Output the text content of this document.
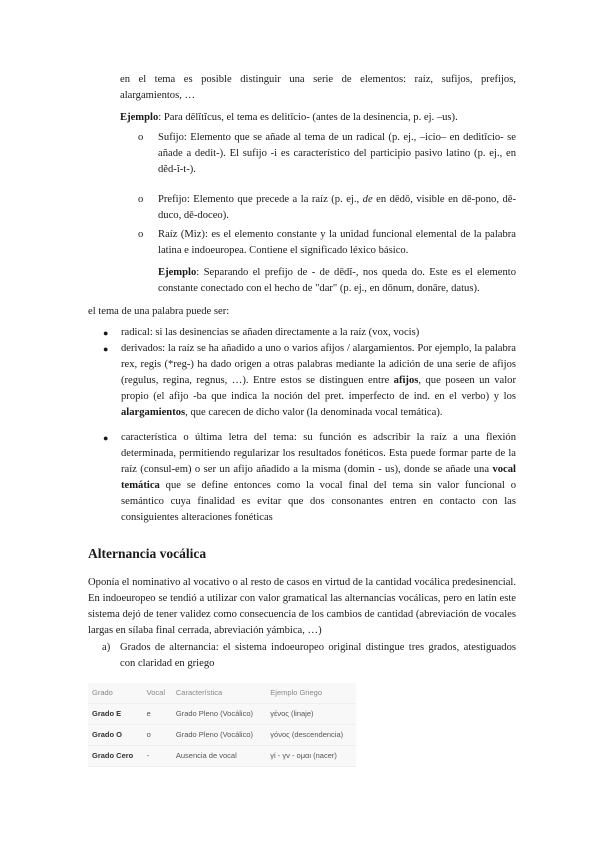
en el tema es posible distinguir una serie de elementos: raíz, sufijos, prefijos,

alargamientos, …

Ejemplo: Para dēlĭtĭcus, el tema es delitīcio- (antes de la desinencia, p. ej. –us).
o	Sufijo: Elemento que se añade al tema de un radical (p. ej., –icio– en deditīcio- se añade a dedit-). El sufijo -i es característico del participio pasivo latino (p. ej., en dĕd-ĭ-t-).

o	Prefijo: Elemento que precede a la raíz (p. ej., de en dēdō, visible en dē-pono, dē-duco, dē-doceo).

o	Raíz (Miz): es el elemento constante y la unidad funcional elemental de la palabra latina e indoeuropea. Contiene el significado léxico básico.

Ejemplo: Separando el prefijo de - de dēdĭ-, nos queda do. Este es el elemento constante conectado con el hecho de "dar" (p. ej., en dōnum, donāre, datus).

el tema de una palabra puede ser:

● radical: si las desinencias se añaden directamente a la raíz (vox, vocis)

● derivados: la raíz se ha añadido a uno o varios afijos / alargamientos. Por ejemplo, la palabra rex, regis (*reg-) ha dado origen a otras palabras mediante la adición de una serie de afijos (regulus, regina, regnus, …). Entre estos se distinguen entre afijos, que poseen un valor propio (el afijo -ba que indica la noción del pret. imperfecto de ind. en el verbo) y los alargamientos, que carecen de dicho valor (la denominada vocal temática).

● característica o última letra del tema: su función es adscribir la raíz a una flexión determinada, permitiendo regularizar los resultados fonéticos. Esta puede formar parte de la raíz (consul-em) o ser un afijo añadido a la misma (domin - us), donde se añade una vocal temática que se define entonces como la vocal final del tema sin valor funcional o semántico cuya finalidad es evitar que dos consonantes entren en contacto con las consiguientes alteraciones fonéticas

Alternancia vocálica

Oponía el nominativo al vocativo o al resto de casos en virtud de la cantidad vocálica predesinencial. En indoeuropeo se tendió a utilizar con valor gramatical las alternancias vocálicas, pero en latín este sistema dejó de tener validez como consecuencia de los cambios de cantidad (abreviación de vocales largas en sílaba final cerrada, abreviación yámbica, …)

a) Grados de alternancia: el sistema indoeuropeo original distingue tres grados, atestiguados con claridad en griego

Grado	Vocal	Característica	Ejemplo Griego
Grado E	e	Grado Pleno (Vocálico)	γένος (linaje)
Grado O	o	Grado Pleno (Vocálico)	γόνος (descendencia)
Grado Cero	-	Ausencia de vocal	γί - γν - ομαι (nacer)
